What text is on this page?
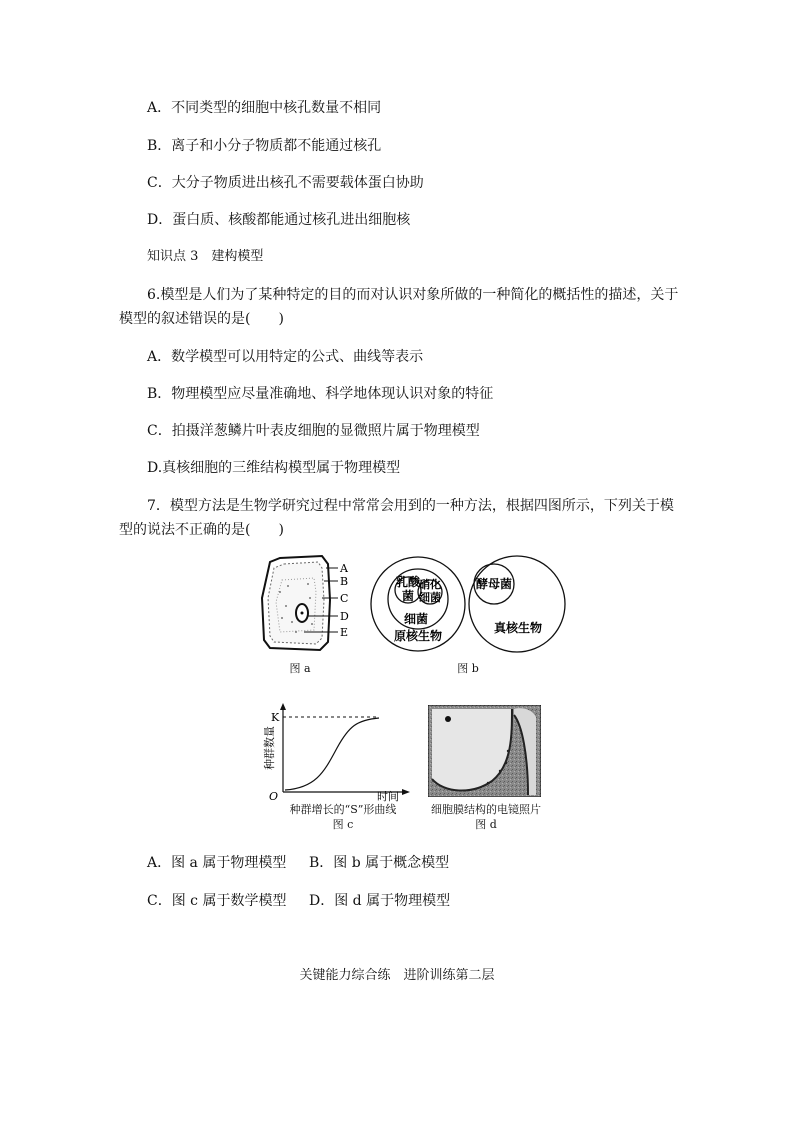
A．不同类型的细胞中核孔数量不相同
B．离子和小分子物质都不能通过核孔
C．大分子物质进出核孔不需要载体蛋白协助
D．蛋白质、核酸都能通过核孔进出细胞核
知识点 3　建构模型
6.模型是人们为了某种特定的目的而对认识对象所做的一种简化的概括性的描述，关于
模型的叙述错误的是(　　)
A．数学模型可以用特定的公式、曲线等表示
B．物理模型应尽量准确地、科学地体现认识对象的特征
C．拍摄洋葱鳞片叶表皮细胞的显微照片属于物理模型
D.真核细胞的三维结构模型属于物理模型
7．模型方法是生物学研究过程中常常会用到的一种方法，根据四图所示，下列关于模
型的说法不正确的是(　　)
A
B
C
D
E
图 a
乳酸
菌
硝化
细菌
细菌
原核生物
酵母菌
真核生物
图 b
K
O	时间
种群数量
种群增长的“S”形曲线
图 c
细胞膜结构的电镜照片
图 d
A．图 a 属于物理模型 B．图 b 属于概念模型
C．图 c 属于数学模型 D．图 d 属于物理模型
关键能力综合练　进阶训练第二层
